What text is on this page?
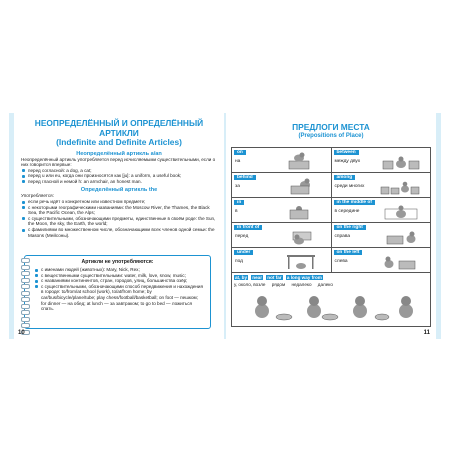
НЕОПРЕДЕЛЁННЫЙ И ОПРЕДЕЛЁННЫЙ АРТИКЛИ
(Indefinite and Definite Articles)
Неопределённый артикль a/an

Неопределённый артикль употребляется перед исчисляемыми существительными, если о них говорится впервые:

перед согласной: a dog, a cat;

перед u или eu, когда они произносятся как [ju]: a uniform, a useful book;

перед гласной и немой h: an armchair, an honest man.

Определённый артикль the

Употребляется:

если речь идёт о конкретном или известном предмете;

с некоторыми географическими названиями: the Moscow River, the Thames, the Black Sea, the Pacific Ocean, the Alps;

с существительными, обозначающими предметы, единственные в своём роде: the Sun, the Moon, the sky, the Earth, the world;

с фамилиями во множественном числе, обозначающими всех членов одной семьи: the Masons (Мейсоны).

Артикли не употребляются:

с именами людей (животных): Mary, Nick, Rex;

с вещественными существительными: water, milk, love, snow, music;

с названиями континентов, стран, городов, улиц, большинства озёр;

с существительными, обозначающими способ передвижения и нахождения в городе: to/from/at school (work), to/at/from home; by car/bus/bicycle/plane/tube; play chess/football/basketball; on foot — пешком; for dinner — на обед; at lunch — за завтраком; to go to bed — ложиться спать.

10
ПРЕДЛОГИ МЕСТА
(Prepositions of Place)
on
на
between
между двух
behind
за
among
среди многих
in
в
in the middle of
в середине
in front of
перед
on the right
справа
under
под
on the left
слева
at, by near not far a long way from
у, около, возле рядом недалеко далеко
11
